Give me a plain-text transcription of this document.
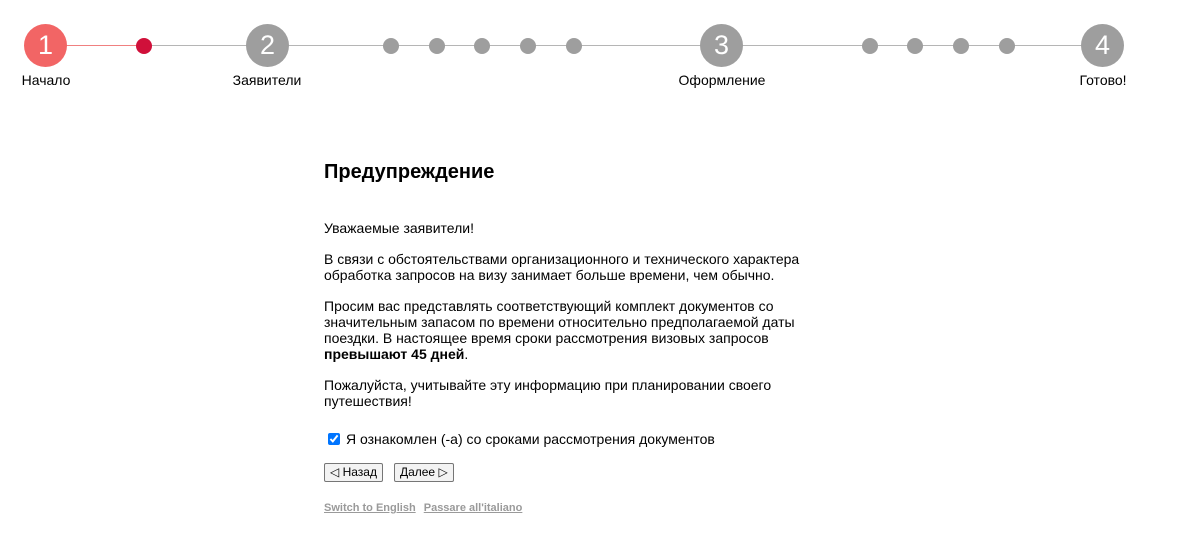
1	2	3	4
Начало	Заявители	Оформление	Готово!
Предупреждение

Уважаемые заявители!

В связи с обстоятельствами организационного и технического характера обработка запросов на визу занимает больше времени, чем обычно.

Просим вас представлять соответствующий комплект документов со значительным запасом по времени относительно предполагаемой даты поездки. В настоящее время сроки рассмотрения визовых запросов превышают 45 дней.

Пожалуйста, учитывайте эту информацию при планировании своего путешествия!

Я ознакомлен (-а) со сроками рассмотрения документов
◁ Назад	Далее ▷
Switch to English Passare all'italiano
